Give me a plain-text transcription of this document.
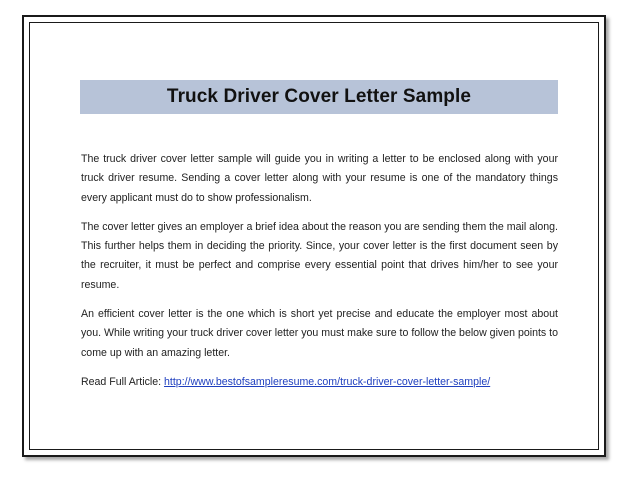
Truck Driver Cover Letter Sample

The truck driver cover letter sample will guide you in writing a letter to be enclosed along with your truck driver resume. Sending a cover letter along with your resume is one of the mandatory things every applicant must do to show professionalism.

The cover letter gives an employer a brief idea about the reason you are sending them the mail along. This further helps them in deciding the priority. Since, your cover letter is the first document seen by the recruiter, it must be perfect and comprise every essential point that drives him/her to see your resume.

An efficient cover letter is the one which is short yet precise and educate the employer most about you. While writing your truck driver cover letter you must make sure to follow the below given points to come up with an amazing letter.

Read Full Article: http://www.bestofsampleresume.com/truck-driver-cover-letter-sample/
